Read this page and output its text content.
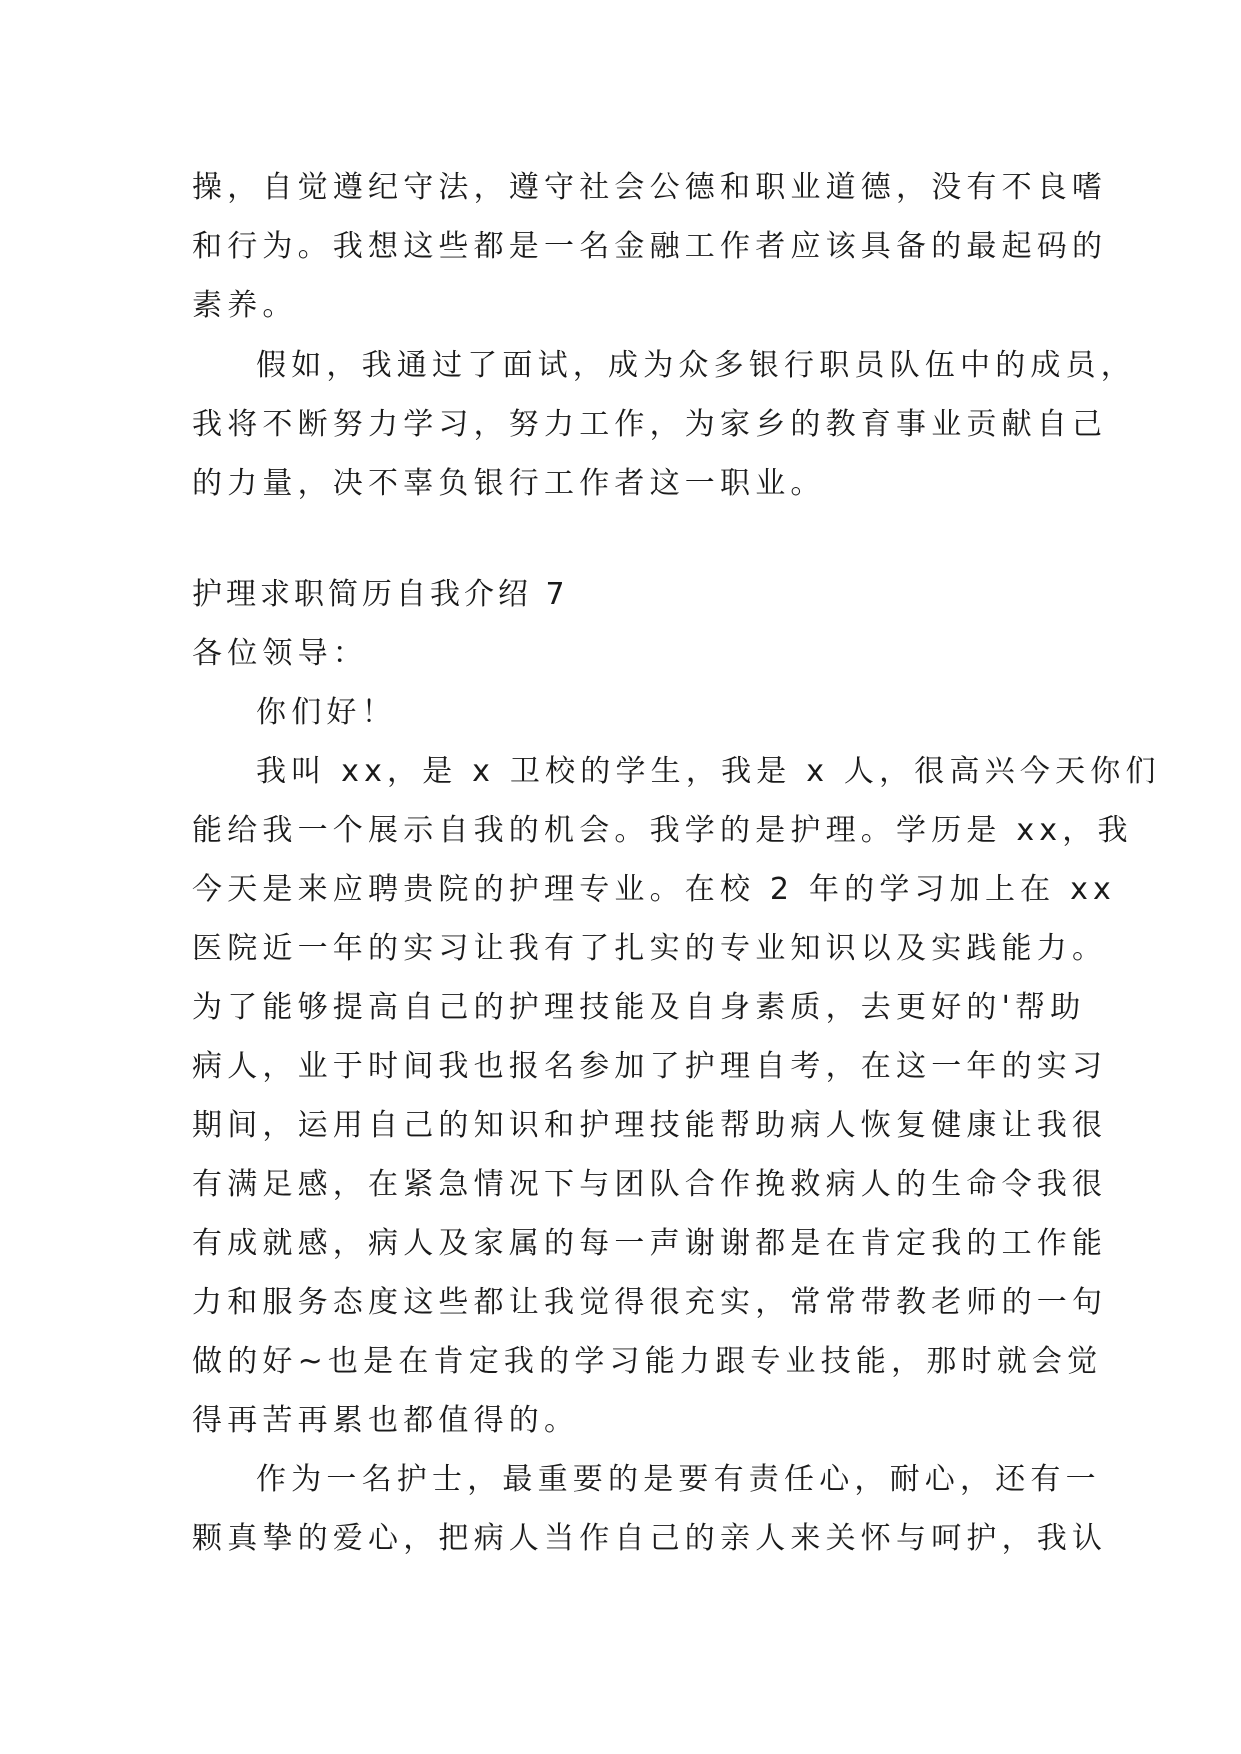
操，自觉遵纪守法，遵守社会公德和职业道德，没有不良嗜
和行为。我想这些都是一名金融工作者应该具备的最起码的
素养。
假如，我通过了面试，成为众多银行职员队伍中的成员，
我将不断努力学习，努力工作，为家乡的教育事业贡献自己
的力量，决不辜负银行工作者这一职业。
护理求职简历自我介绍 7
各位领导：
你们好！
我叫 xx，是 x 卫校的学生，我是 x 人，很高兴今天你们
能给我一个展示自我的机会。我学的是护理。学历是 xx，我
今天是来应聘贵院的护理专业。在校 2 年的学习加上在 xx
医院近一年的实习让我有了扎实的专业知识以及实践能力。
为了能够提高自己的护理技能及自身素质，去更好的'帮助
病人，业于时间我也报名参加了护理自考，在这一年的实习
期间，运用自己的知识和护理技能帮助病人恢复健康让我很
有满足感，在紧急情况下与团队合作挽救病人的生命令我很
有成就感，病人及家属的每一声谢谢都是在肯定我的工作能
力和服务态度这些都让我觉得很充实，常常带教老师的一句
做的好~也是在肯定我的学习能力跟专业技能，那时就会觉
得再苦再累也都值得的。
作为一名护士，最重要的是要有责任心，耐心，还有一
颗真挚的爱心，把病人当作自己的亲人来关怀与呵护，我认
